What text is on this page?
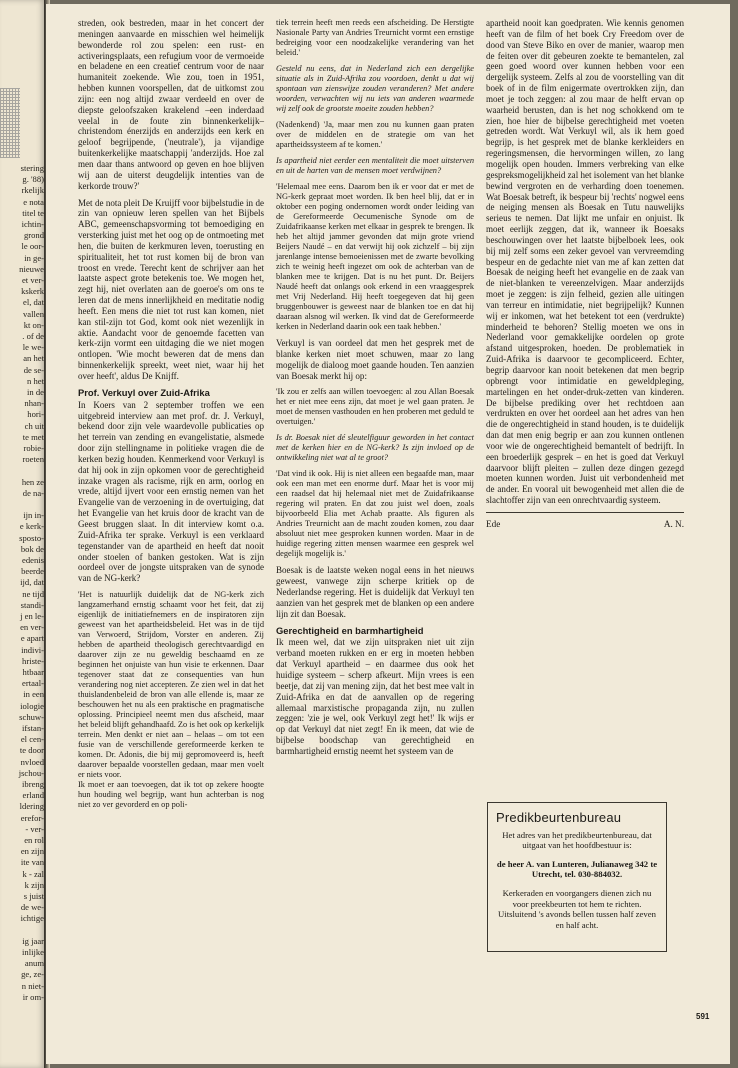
stering
g. '88)
rkelijk
e nota
titel te
ichtin-
grond
le oor-
in ge-
nieuwe
et ver-
kskerk
el, dat
vallen
kt on-
. of de
le we-
an het
de se-
n het
in de
nhan-
hori-
ch uit
te met
robie-
roeten
hen ze
de na-
ijn in-
e kerk-
sposto-
bok de
edenis
beerde
ijd, dat
ne tijd
standi-
j en le-
en ver-
e apart
indivi-
hriste-
htbaar
ertaal-
in een
iologie
schuw-
ifstan-
el cen-
te door
nvloed
jschou-
ibreng
erland
ldering
erefor-
- ver-
en rol
en zijn
ite van
k - zal
k zijn
s juist
de we-
ichtige
ig jaar
inlijke
anum
ge, ze-
n niet-
ir om-

streden, ook bestreden, maar in het concert der meningen aanvaarde en misschien wel heimelijk bewonderde rol zou spelen: een rust- en activeringsplaats, een refugium voor de vermoeide en beladene en een creatief centrum voor de naar humaniteit zoekende. Wie zou, toen in 1951, hebben kunnen voorspellen, dat de uitkomst zou zijn: een nog altijd zwaar verdeeld en over de diepste geloofszaken krakelend –een inderdaad veelal in de foute zin binnenkerkelijk– christendom énerzijds en anderzijds een kerk en geloof begrijpende, ('neutrale'), ja vijandige buitenkerkelijke maatschappij 'anderzijds. Hoe zal men daar thans antwoord op geven en hoe blijven wij aan de uiterst deugdelijk intenties van de kerkorde trouw?'

Met de nota pleit De Kruijff voor bijbelstudie in de zin van opnieuw leren spellen van het Bijbels ABC, gemeenschapsvorming tot bemoediging en versterking juist met het oog op de ontmoeting met hen, die buiten de kerkmuren leven, toerusting en spiritualiteit, het tot rust komen bij de bron van troost en vrede. Terecht kent de schrijver aan het laatste aspect grote betekenis toe. We mogen het, zegt hij, niet overlaten aan de goeroe's om ons te leren dat de mens innerlijkheid en meditatie nodig heeft. Een mens die niet tot rust kan komen, niet kan stil-zijn tot God, komt ook niet wezenlijk in aktie. Aandacht voor de genoemde facetten van kerk-zijn vormt een uitdaging die we niet mogen ontlopen. 'Wie mocht beweren dat de mens dan binnenkerkelijk spreekt, weet niet, waar hij het over heeft', aldus De Knijff.

Prof. Verkuyl over Zuid-Afrika

In Koers van 2 september troffen we een uitgebreid interview aan met prof. dr. J. Verkuyl, bekend door zijn vele waardevolle publicaties op het terrein van zending en evangelistatie, alsmede door zijn stellingname in politieke vragen die de kerken bezig houden. Kenmerkend voor Verkuyl is dat hij ook in zijn opkomen voor de gerechtigheid inzake vragen als racisme, rijk en arm, oorlog en vrede, altijd ijvert voor een ernstig nemen van het Evangelie van de verzoening in de overtuiging, dat het Evangelie van het kruis door de kracht van de Geest bruggen slaat. In dit interview komt o.a. Zuid-Afrika ter sprake. Verkuyl is een verklaard tegenstander van de apartheid en heeft dat nooit onder stoelen of banken gestoken. Wat is zijn oordeel over de jongste uitspraken van de synode van de NG-kerk?

'Het is natuurlijk duidelijk dat de NG-kerk zich langzamerhand ernstig schaamt voor het feit, dat zij eigenlijk de initiatiefnemers en de inspiratoren zijn geweest van het apartheidsbeleid. Het was in de tijd van Verwoerd, Strijdom, Vorster en anderen. Zij hebben de apartheid theologisch gerechtvaardigd en daarover zijn ze nu geweldig beschaamd en ze beginnen het onjuiste van hun visie te erkennen. Daar tegenover staat dat ze consequenties van hun verandering nog niet accepteren. Ze zien wel in dat het thuislandenbeleid de bron van alle ellende is, maar ze beschouwen het nu als een praktische en pragmatische oplossing. Principieel neemt men dus afscheid, maar het beleid blijft gehandhaafd. Zo is het ook op kerkelijk terrein. Men denkt er niet aan – helaas – om tot een fusie van de verschillende gereformeerde kerken te komen. Dr. Adonis, die bij mij gepromoveerd is, heeft daarover bepaalde voorstellen gedaan, maar men voelt er niets voor.

Ik moet er aan toevoegen, dat ik tot op zekere hoogte hun houding wel begrijp, want hun achterban is nog niet zo ver gevorderd en op poli-

tiek terrein heeft men reeds een afscheiding. De Herstigte Nasionale Party van Andries Treurnicht vormt een ernstige bedreiging voor een noodzakelijke verandering van het beleid.'

Gesteld nu eens, dat in Nederland zich een dergelijke situatie als in Zuid-Afrika zou voordoen, denkt u dat wij spontaan van zienswijze zouden veranderen? Met andere woorden, verwachten wij nu iets van anderen waarmede wij zelf ook de grootste moeite zouden hebben?

(Nadenkend) 'Ja, maar men zou nu kunnen gaan praten over de middelen en de strategie om van het apartheidssysteem af te komen.'

Is apartheid niet eerder een mentaliteit die moet uitsterven en uit de harten van de mensen moet verdwijnen?

'Helemaal mee eens. Daarom ben ik er voor dat er met de NG-kerk gepraat moet worden. Ik ben heel blij, dat er in oktober een poging ondernomen wordt onder leiding van de Gereformeerde Oecumenische Synode om de Zuidafrikaanse kerken met elkaar in gesprek te brengen. Ik heb het altijd jammer gevonden dat mijn grote vriend Beijers Naudé – en dat verwijt hij ook zichzelf – bij zijn jarenlange intense bemoeienissen met de zwarte bevolking zich te weinig heeft ingezet om ook de achterban van de blanken mee te krijgen. Dat is nu het punt. Dr. Beijers Naudé heeft dat onlangs ook erkend in een vraaggesprek met Vrij Nederland. Hij heeft toegegeven dat hij geen bruggenbouwer is geweest naar de blanken toe en dat hij daaraan alsnog wil werken. Ik vind dat de Gereformeerde kerken in Nederland daarin ook een taak hebben.'

Verkuyl is van oordeel dat men het gesprek met de blanke kerken niet moet schuwen, maar zo lang mogelijk de dialoog moet gaande houden. Ten aanzien van Boesak merkt hij op:

'Ik zou er zelfs aan willen toevoegen: al zou Allan Boesak het er niet mee eens zijn, dat moet je wel gaan praten. Je moet de mensen vasthouden en hen proberen met geduld te overtuigen.'

Is dr. Boesak niet dé sleutelfiguur geworden in het contact met de kerken hier en de NG-kerk? Is zijn invloed op de ontwikkeling niet wat al te groot?

'Dat vind ik ook. Hij is niet alleen een begaafde man, maar ook een man met een enorme durf. Maar het is voor mij een raadsel dat hij helemaal niet met de Zuidafrikaanse regering wil praten. En dat zou juist wel doen, zoals bijvoorbeeld Elia met Achab praatte. Als figuren als Andries Treurnicht aan de macht zouden komen, zou daar absoluut niet mee gesproken kunnen worden. Maar in de huidige regering zitten mensen waarmee een gesprek wel degelijk mogelijk is.'

Boesak is de laatste weken nogal eens in het nieuws geweest, vanwege zijn scherpe kritiek op de Nederlandse regering. Het is duidelijk dat Verkuyl ten aanzien van het gesprek met de blanken op een andere lijn zit dan Boesak.

Gerechtigheid en barmhartigheid

Ik meen wel, dat we zijn uitspraken niet uit zijn verband moeten rukken en er erg in moeten hebben dat Verkuyl apartheid – en daarmee dus ook het huidige systeem – scherp afkeurt. Mijn vrees is een beetje, dat zij van mening zijn, dat het best mee valt in Zuid-Afrika en dat de aanvallen op de regering allemaal marxistische propaganda zijn, nu zullen zeggen: 'zie je wel, ook Verkuyl zegt het!' Ik wijs er op dat Verkuyl dat niet zegt! En ik meen, dat wie de bijbelse boodschap van gerechtigheid en barmhartigheid ernstig neemt het systeem van de

apartheid nooit kan goedpraten. Wie kennis genomen heeft van de film of het boek Cry Freedom over de dood van Steve Biko en over de manier, waarop men de feiten over dit gebeuren zoekte te bemantelen, zal geen goed woord over kunnen hebben voor een dergelijk systeem. Zelfs al zou de voorstelling van dit boek of in de film enigermate overtrokken zijn, dan moet je toch zeggen: al zou maar de helft ervan op waarheid berusten, dan is het nog schokkend om te zien, hoe hier de bijbelse gerechtigheid met voeten getreden wordt. Wat Verkuyl wil, als ik hem goed begrijp, is het gesprek met de blanke kerkleiders en regeringsmensen, die hervormingen willen, zo lang mogelijk open houden. Immers verbreking van elke gespreksmogelijkheid zal het isolement van het blanke bewind vergroten en de verharding doen toenemen. Wat Boesak betreft, ik bespeur bij 'rechts' nogwel eens de neiging mensen als Boesak en Tutu nauwelijks serieus te nemen. Dat lijkt me unfair en onjuist. Ik moet eerlijk zeggen, dat ik, wanneer ik Boesaks beschouwingen over het laatste bijbelboek lees, ook bij mij zelf soms een zeker gevoel van vervreemding bespeur en de gedachte niet van me af kan zetten dat Boesak de neiging heeft het evangelie en de zaak van de niet-blanken te vereenzelvigen. Maar anderzijds moet je zeggen: is zijn felheid, gezien alle uitingen van terreur en intimidatie, niet begrijpelijk? Kunnen wij er inkomen, wat het betekent tot een (verdrukte) minderheid te behoren? Stellig moeten we ons in Nederland voor gemakkelijke oordelen op grote afstand uitgesproken, hoeden. De problematiek in Zuid-Afrika is daarvoor te gecompliceerd. Echter, begrip daarvoor kan nooit betekenen dat men begrip opbrengt voor intimidatie en geweldpleging, martelingen en het onder-druk-zetten van kinderen. De bijbelse prediking over het rechtdoen aan verdrukten en over het oordeel aan het adres van hen die de ongerechtigheid in stand houden, is te duidelijk dan dat men enig begrip er aan zou kunnen ontlenen voor wie de ongerechtigheid bemantelt of bedrijft. In een broederlijk gesprek – en het is goed dat Verkuyl daarvoor blijft pleiten – zullen deze dingen gezegd moeten kunnen worden. Juist uit verbondenheid met de ander. En vooral uit bewogenheid met allen die de slachtoffer zijn van een onrechtvaardig systeem.

Ede	A. N.
Predikbeurtenbureau

Het adres van het predikbeurtenbureau, dat uitgaat van het hoofdbestuur is:

de heer A. van Lunteren, Julianaweg 342 te Utrecht, tel. 030-884032.

Kerkeraden en voorgangers dienen zich nu voor preekbeurten tot hem te richten. Uitsluitend 's avonds bellen tussen half zeven en half acht.

591
